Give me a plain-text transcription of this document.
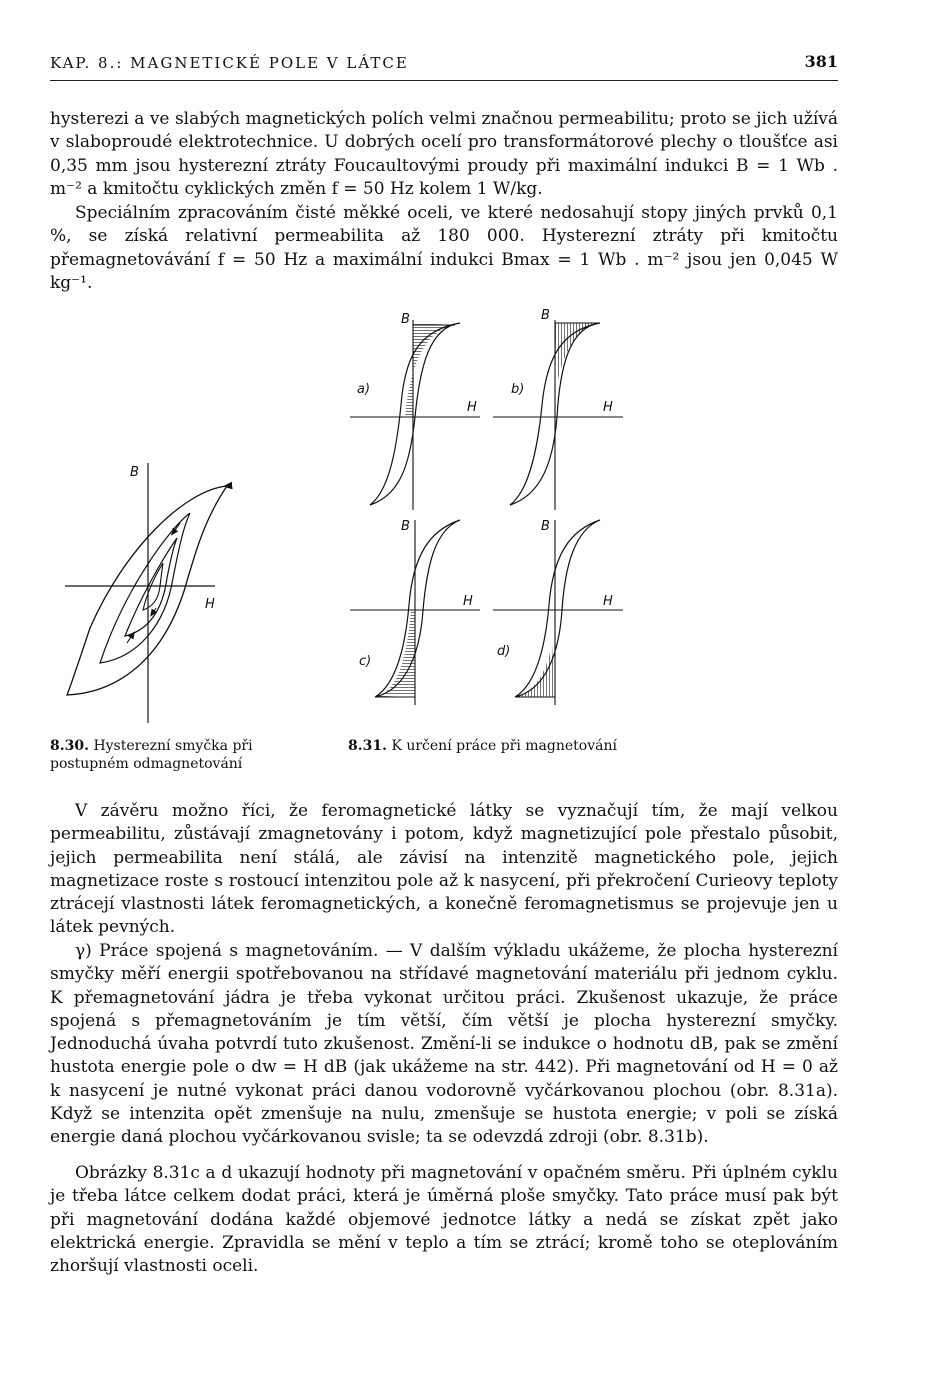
KAP. 8.: MAGNETICKÉ POLE V LÁTCE	381

hysterezi a ve slabých magnetických polích velmi značnou permeabilitu; proto se jich užívá v slaboproudé elektrotechnice. U dobrých ocelí pro transformátorové plechy o tloušťce asi 0,35 mm jsou hysterezní ztráty Foucaultovými proudy při maximální indukci B = 1 Wb . m⁻² a kmitočtu cyklických změn f = 50 Hz kolem 1 W/kg.

Speciálním zpracováním čisté měkké oceli, ve které nedosahují stopy jiných prvků 0,1 %, se získá relativní permeabilita až 180 000. Hysterezní ztráty při kmitočtu přemagnetovávání f = 50 Hz a maximální indukci Bmax = 1 Wb . m⁻² jsou jen 0,045 W kg⁻¹.

B
H
a)
B
H
b)
B
H
c)
B
H
d)
B
H
8.30. Hysterezní smyčka při postupném odmagnetování
8.31. K určení práce při magnetování

V závěru možno říci, že feromagnetické látky se vyznačují tím, že mají velkou permeabilitu, zůstávají zmagnetovány i potom, když magnetizující pole přestalo působit, jejich permeabilita není stálá, ale závisí na intenzitě magnetického pole, jejich magnetizace roste s rostoucí intenzitou pole až k nasycení, při překročení Curieovy teploty ztrácejí vlastnosti látek feromagnetických, a konečně feromagnetismus se projevuje jen u látek pevných.

γ) Práce spojená s magnetováním. — V dalším výkladu ukážeme, že plocha hysterezní smyčky měří energii spotřebovanou na střídavé magnetování materiálu při jednom cyklu. K přemagnetování jádra je třeba vykonat určitou práci. Zkušenost ukazuje, že práce spojená s přemagnetováním je tím větší, čím větší je plocha hysterezní smyčky. Jednoduchá úvaha potvrdí tuto zkušenost. Změní-li se indukce o hodnotu dB, pak se změní hustota energie pole o dw = H dB (jak ukážeme na str. 442). Při magnetování od H = 0 až k nasycení je nutné vykonat práci danou vodorovně vyčárkovanou plochou (obr. 8.31a). Když se intenzita opět zmenšuje na nulu, zmenšuje se hustota energie; v poli se získá energie daná plochou vyčárkovanou svisle; ta se odevzdá zdroji (obr. 8.31b).

Obrázky 8.31c a d ukazují hodnoty při magnetování v opačném směru. Při úplném cyklu je třeba látce celkem dodat práci, která je úměrná ploše smyčky. Tato práce musí pak být při magnetování dodána každé objemové jednotce látky a nedá se získat zpět jako elektrická energie. Zpravidla se mění v teplo a tím se ztrácí; kromě toho se oteplováním zhoršují vlastnosti oceli.
